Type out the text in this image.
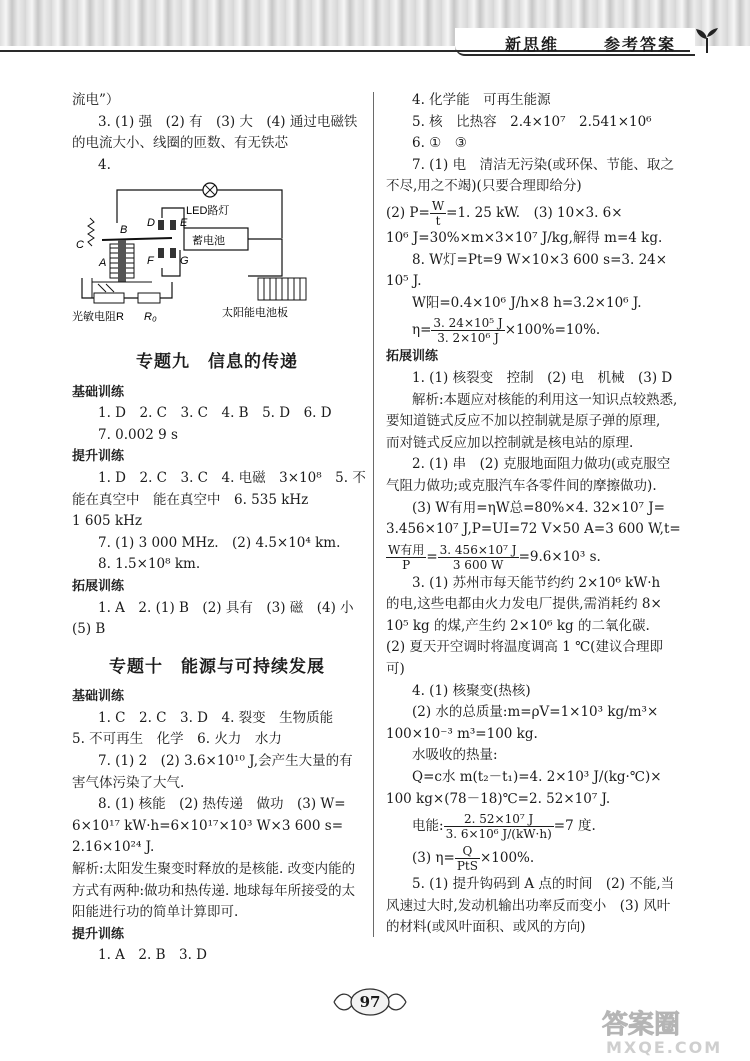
新思维	参考答案
流电”）
3. (1) 强　(2) 有　(3) 大　(4) 通过电磁铁
的电流大小、线圈的匝数、有无铁芯
4.
LED路灯
蓄电池
D E
F G
B
C
A
光敏电阻R R₀	太阳能电池板
专题九　信息的传递
基础训练
1. D　2. C　3. C　4. B　5. D　6. D
7. 0.002 9 s
提升训练
1. D　2. C　3. C　4. 电磁　3×10⁸　5. 不
能在真空中　能在真空中　6. 535 kHz
1 605 kHz
7. (1) 3 000 MHz.　(2) 4.5×10⁴ km.
8. 1.5×10⁸ km.
拓展训练
1. A　2. (1) B　(2) 具有　(3) 磁　(4) 小
(5) B
专题十　能源与可持续发展
基础训练
1. C　2. C　3. D　4. 裂变　生物质能
5. 不可再生　化学　6. 火力　水力
7. (1) 2　(2) 3.6×10¹⁰ J,会产生大量的有
害气体污染了大气.
8. (1) 核能　(2) 热传递　做功　(3) W=
6×10¹⁷ kW·h=6×10¹⁷×10³ W×3 600 s=
2.16×10²⁴ J.
解析:太阳发生聚变时释放的是核能. 改变内能的
方式有两种:做功和热传递. 地球每年所接受的太
阳能进行功的简单计算即可.
提升训练
1. A　2. B　3. D
4. 化学能　可再生能源
5. 核　比热容　2.4×10⁷　2.541×10⁶
6. ①　③
7. (1) 电　清洁无污染(或环保、节能、取之
不尽,用之不竭)(只要合理即给分)
(2) $P= \frac{W}{t} =1$. 25 kW.　(3) 10×3. 6×
10⁶ J=30%×m×3×10⁷ J/kg,解得 m=4 kg.
8. W灯=Pt=9 W×10×3 600 s=3. 24×
10⁵ J.
W阳=0.4×10⁶ J/h×8 h=3.2×10⁶ J.
$\eta= \frac{\text{3. 24×10⁵ J}}{\text{3. 2×10⁶ J}} \times 100\%=10\%$.
拓展训练
1. (1) 核裂变　控制　(2) 电　机械　(3) D
解析:本题应对核能的利用这一知识点较熟悉,
要知道链式反应不加以控制就是原子弹的原理,
而对链式反应加以控制就是核电站的原理.
2. (1) 串　(2) 克服地面阻力做功(或克服空
气阻力做功;或克服汽车各零件间的摩擦做功).
(3) W有用=ηW总=80%×4. 32×10⁷ J=
3.456×10⁷ J,P=UI=72 V×50 A=3 600 W,t=
$\frac{\text{W有用}}{P} = \frac{\text{3. 456×10⁷ J}}{3 600 W} =9.6\times 10^3$ s.
3. (1) 苏州市每天能节约约 2×10⁶ kW·h
的电,这些电都由火力发电厂提供,需消耗约 8×
10⁵ kg 的煤,产生约 2×10⁶ kg 的二氧化碳.
(2) 夏天开空调时将温度调高 1 ℃(建议合理即
可)
4. (1) 核聚变(热核)
(2) 水的总质量:m=ρV=1×10³ kg/m³×
100×10⁻³ m³=100 kg.
水吸收的热量:
Q=c水 m(t₂－t₁)=4. 2×10³ J/(kg·℃)×
100 kg×(78－18)℃=2. 52×10⁷ J.
电能: $\frac{\text{2. 52×10⁷ J}}{\text{3. 6×10⁶ J/(kW·h)}} =7$ 度.
(3) $\eta= \frac{Q}{\text{PtS}} \times 100\%$.
5. (1) 提升钩码到 A 点的时间　(2) 不能,当
风速过大时,发动机输出功率反而变小　(3) 风叶
的材料(或风叶面积、或风的方向)
97
答案圈
MXQE.COM
